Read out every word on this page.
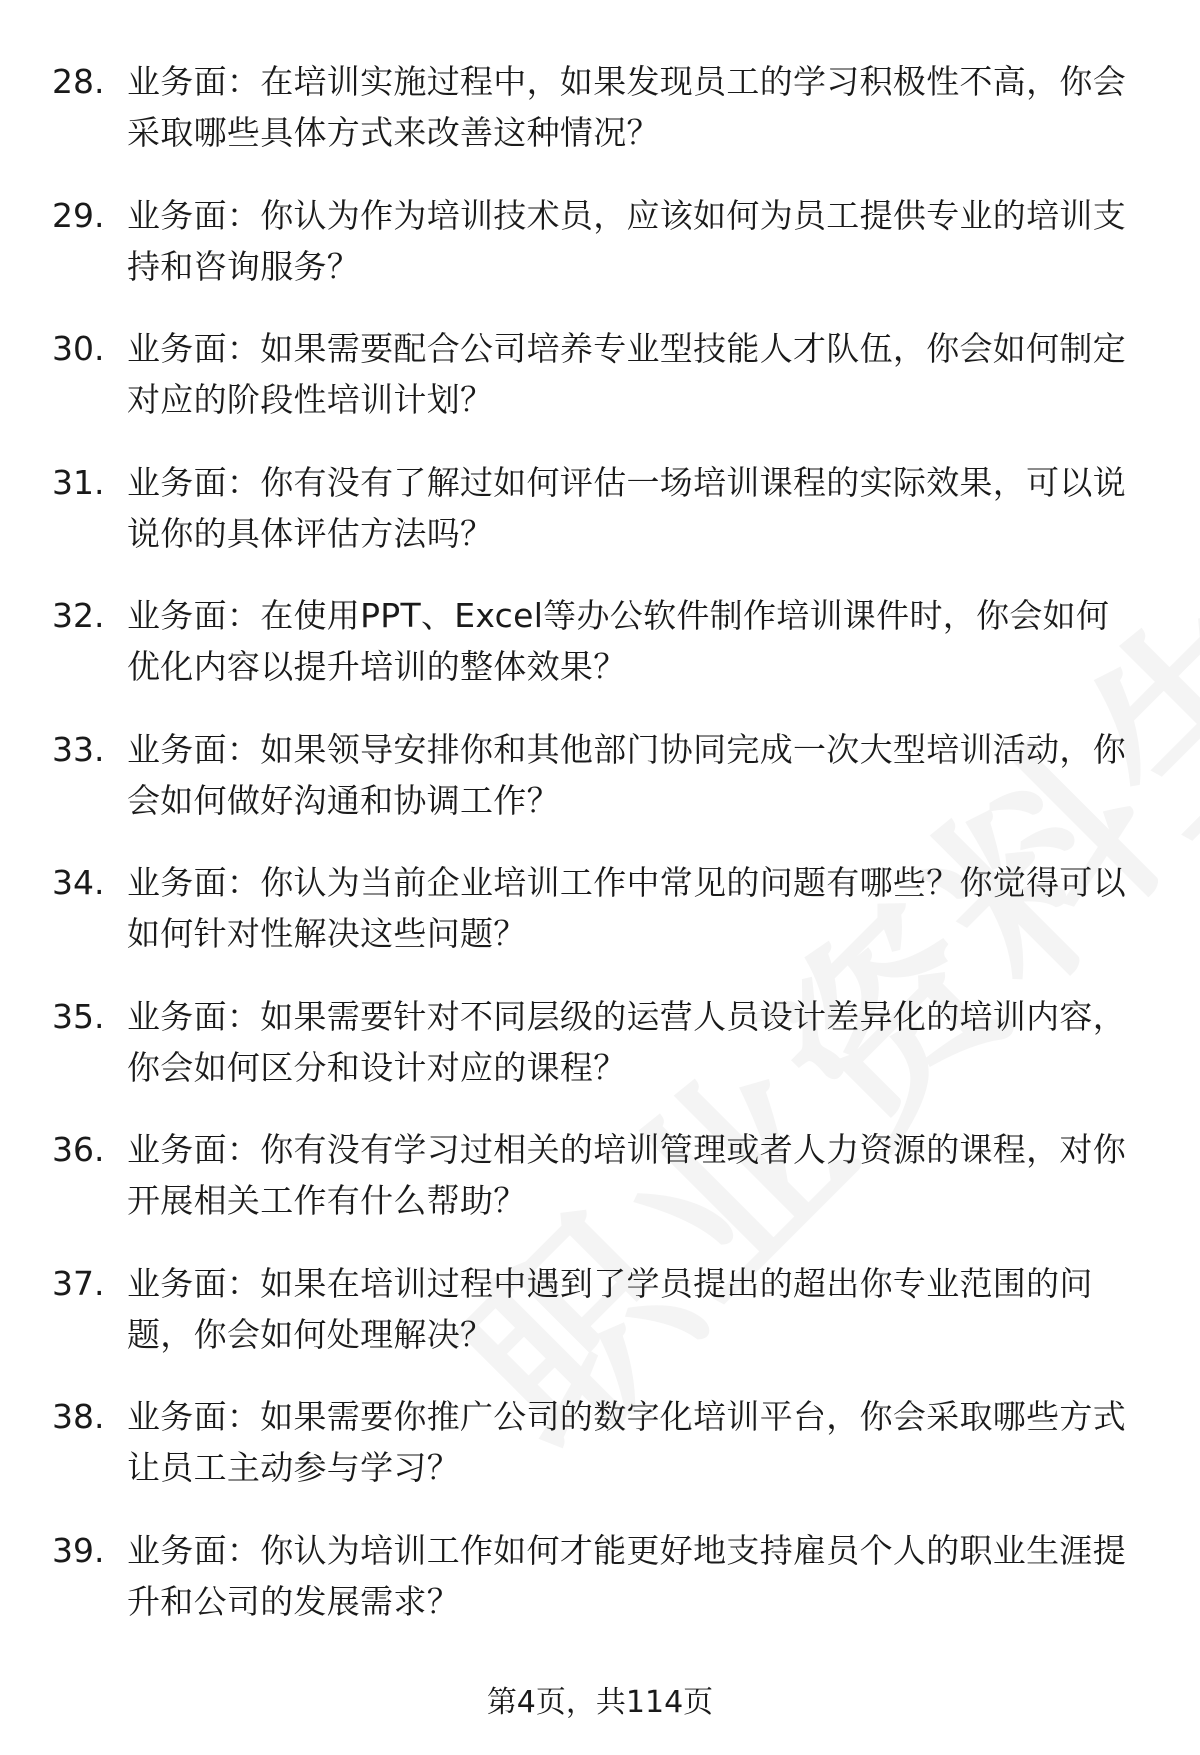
28. 业务面：在培训实施过程中，如果发现员工的学习积极性不高，你会采取哪些具体方式来改善这种情况？
29. 业务面：你认为作为培训技术员，应该如何为员工提供专业的培训支持和咨询服务？
30. 业务面：如果需要配合公司培养专业型技能人才队伍，你会如何制定对应的阶段性培训计划？
31. 业务面：你有没有了解过如何评估一场培训课程的实际效果，可以说说你的具体评估方法吗？
32. 业务面：在使用PPT、Excel等办公软件制作培训课件时，你会如何优化内容以提升培训的整体效果？
33. 业务面：如果领导安排你和其他部门协同完成一次大型培训活动，你会如何做好沟通和协调工作？
34. 业务面：你认为当前企业培训工作中常见的问题有哪些？你觉得可以如何针对性解决这些问题？
35. 业务面：如果需要针对不同层级的运营人员设计差异化的培训内容，你会如何区分和设计对应的课程？
36. 业务面：你有没有学习过相关的培训管理或者人力资源的课程，对你开展相关工作有什么帮助？
37. 业务面：如果在培训过程中遇到了学员提出的超出你专业范围的问题，你会如何处理解决？
38. 业务面：如果需要你推广公司的数字化培训平台，你会采取哪些方式让员工主动参与学习？
39. 业务面：你认为培训工作如何才能更好地支持雇员个人的职业生涯提升和公司的发展需求？
第4页，共114页
